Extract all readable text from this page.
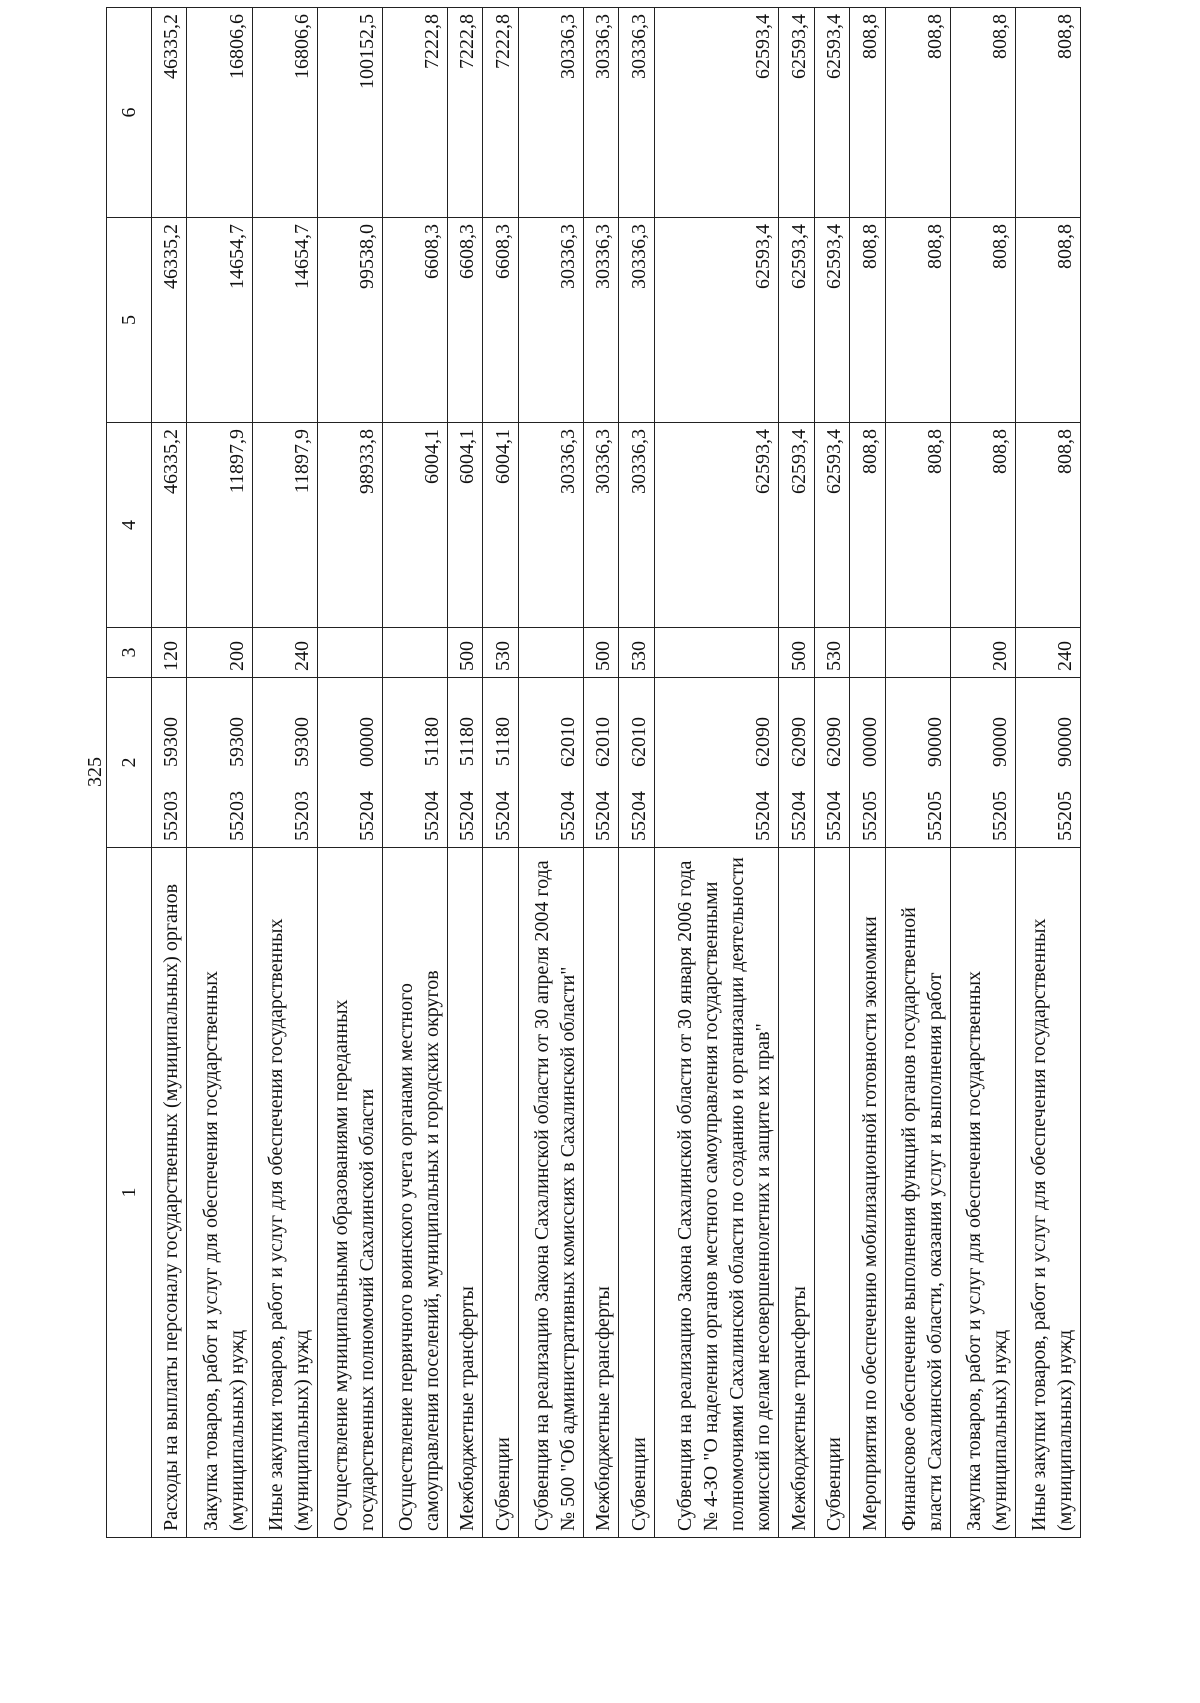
325
1	2	3	4	5	6
Расходы на выплаты персоналу государственных (муниципальных) органов	5520359300	120	46335,2	46335,2	46335,2
Закупка товаров, работ и услуг для обеспечения государственных (муниципальных) нужд	5520359300	200	11897,9	14654,7	16806,6
Иные закупки товаров, работ и услуг для обеспечения государственных (муниципальных) нужд	5520359300	240	11897,9	14654,7	16806,6
Осуществление муниципальными образованиями переданных государственных полномочий Сахалинской области	5520400000		98933,8	99538,0	100152,5
Осуществление первичного воинского учета органами местного самоуправления поселений, муниципальных и городских округов	5520451180		6004,1	6608,3	7222,8
Межбюджетные трансферты	5520451180	500	6004,1	6608,3	7222,8
Субвенции	5520451180	530	6004,1	6608,3	7222,8
Субвенция на реализацию Закона Сахалинской области от 30 апреля 2004 года № 500 "Об административных комиссиях в Сахалинской области"	5520462010		30336,3	30336,3	30336,3
Межбюджетные трансферты	5520462010	500	30336,3	30336,3	30336,3
Субвенции	5520462010	530	30336,3	30336,3	30336,3
Субвенция на реализацию Закона Сахалинской области от 30 января 2006 года № 4-ЗО "О наделении органов местного самоуправления государственными полномочиями Сахалинской области по созданию и организации деятельности комиссий по делам несовершеннолетних и защите их прав"	5520462090		62593,4	62593,4	62593,4
Межбюджетные трансферты	5520462090	500	62593,4	62593,4	62593,4
Субвенции	5520462090	530	62593,4	62593,4	62593,4
Мероприятия по обеспечению мобилизационной готовности экономики	5520500000		808,8	808,8	808,8
Финансовое обеспечение выполнения функций органов государственной власти Сахалинской области, оказания услуг и выполнения работ	5520590000		808,8	808,8	808,8
Закупка товаров, работ и услуг для обеспечения государственных (муниципальных) нужд	5520590000	200	808,8	808,8	808,8
Иные закупки товаров, работ и услуг для обеспечения государственных (муниципальных) нужд	5520590000	240	808,8	808,8	808,8
